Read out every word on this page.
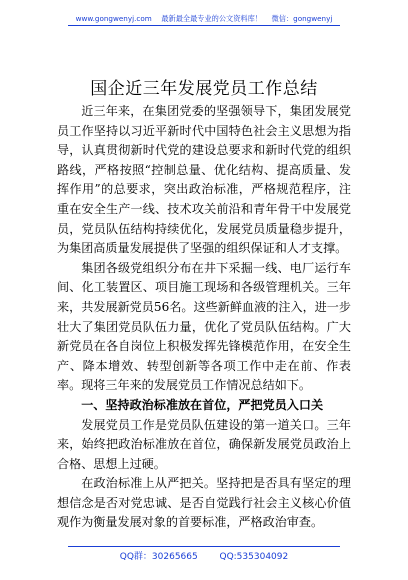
www.gongwenyj.com 最新最全最专业的公文资料库！ 微信：gongwenyj
国企近三年发展党员工作总结

近三年来，在集团党委的坚强领导下，集团发展党员工作坚持以习近平新时代中国特色社会主义思想为指导，认真贯彻新时代党的建设总要求和新时代党的组织路线，严格按照“控制总量、优化结构、提高质量、发挥作用”的总要求，突出政治标准，严格规范程序，注重在安全生产一线、技术攻关前沿和青年骨干中发展党员，党员队伍结构持续优化，发展党员质量稳步提升，为集团高质量发展提供了坚强的组织保证和人才支撑。

集团各级党组织分布在井下采掘一线、电厂运行车间、化工装置区、项目施工现场和各级管理机关。三年来，共发展新党员56名。这些新鲜血液的注入，进一步壮大了集团党员队伍力量，优化了党员队伍结构。广大新党员在各自岗位上积极发挥先锋模范作用，在安全生产、降本增效、转型创新等各项工作中走在前、作表率。现将三年来的发展党员工作情况总结如下。

一、坚持政治标准放在首位，严把党员入口关

发展党员工作是党员队伍建设的第一道关口。三年来，始终把政治标准放在首位，确保新发展党员政治上合格、思想上过硬。

在政治标准上从严把关。坚持把是否具有坚定的理想信念是否对党忠诚、是否自觉践行社会主义核心价值观作为衡量发展对象的首要标准，严格政治审查。

QQ群：30265665 QQ:535304092
